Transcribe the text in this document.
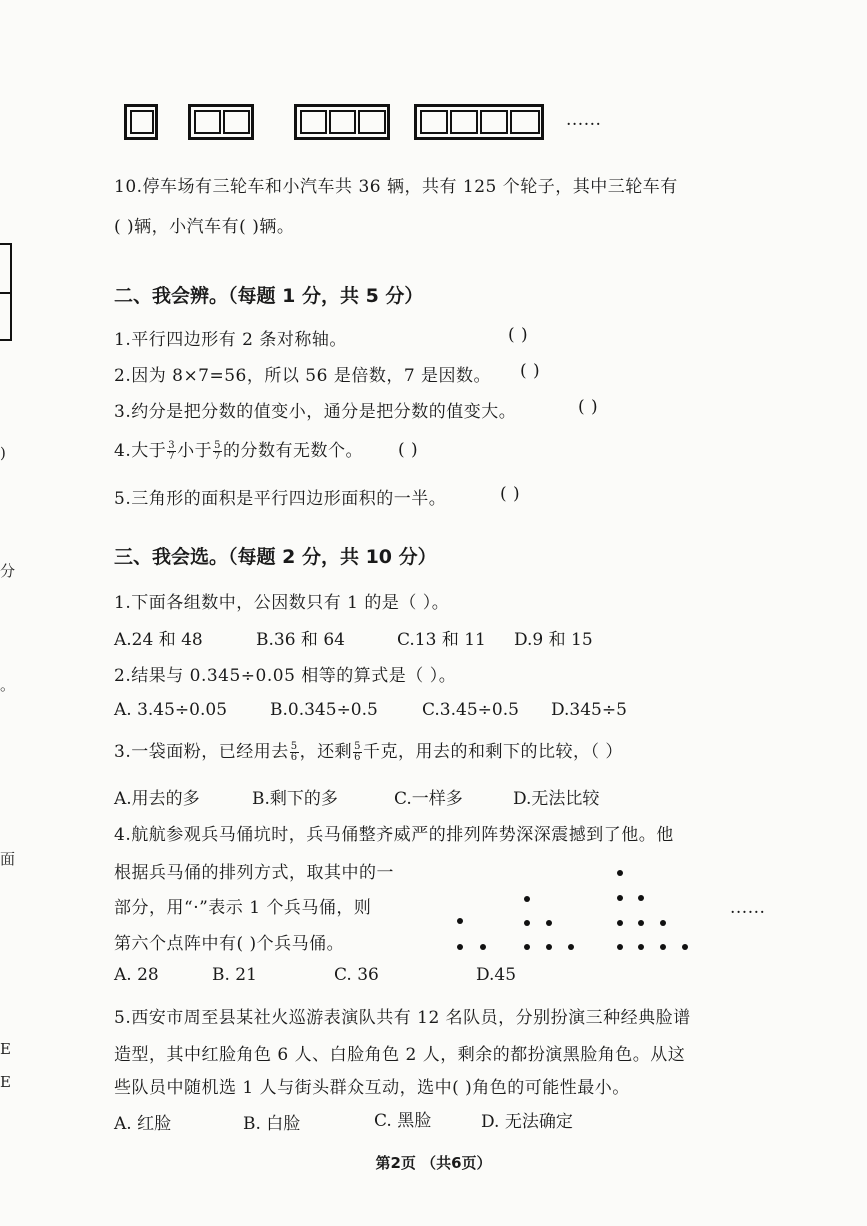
)
分
。
面
E
E
......
10.停车场有三轮车和小汽车共 36 辆，共有 125 个轮子，其中三轮车有
( )辆，小汽车有( )辆。
二、我会辨。（每题 1 分，共 5 分）
1.平行四边形有 2 条对称轴。	( )
2.因为 8×7=56，所以 56 是倍数，7 是因数。 ( )
3.约分是把分数的值变小，通分是把分数的值变大。	( )
4.大于 $\frac{3}{7}$ 小于 $\frac{5}{7}$ 的分数有无数个。 ( )
5.三角形的面积是平行四边形面积的一半。	( )
三、我会选。（每题 2 分，共 10 分）
1.下面各组数中，公因数只有 1 的是（ ）。
A.24 和 48	B.36 和 64	C.13 和 11 D.9 和 15
2.结果与 0.345÷0.05 相等的算式是（ ）。
A. 3.45÷0.05	B.0.345÷0.5	C.3.45÷0.5 D.345÷5
3.一袋面粉，已经用去 $\frac{5}{6}$ ，还剩 $\frac{5}{6}$ 千克，用去的和剩下的比较，（ ）
A.用去的多	B.剩下的多	C.一样多	D.无法比较
4.航航参观兵马俑坑时，兵马俑整齐威严的排列阵势深深震撼到了他。他
根据兵马俑的排列方式，取其中的一
部分，用“·”表示 1 个兵马俑，则
第六个点阵中有( )个兵马俑。
......
A. 28	B. 21	C. 36	D.45
5.西安市周至县某社火巡游表演队共有 12 名队员，分别扮演三种经典脸谱
造型，其中红脸角色 6 人、白脸角色 2 人，剩余的都扮演黑脸角色。从这
些队员中随机选 1 人与街头群众互动，选中( )角色的可能性最小。
A. 红脸	B. 白脸	C. 黑脸	D. 无法确定
第2页 （共6页）
